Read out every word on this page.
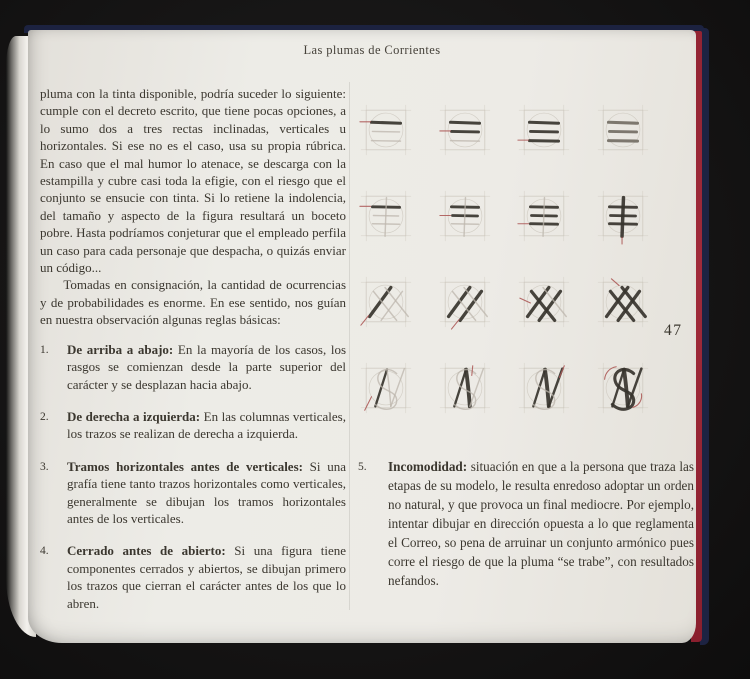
Las plumas de Corrientes

pluma con la tinta disponible, podría suceder lo siguiente: cumple con el decreto escrito, que tiene pocas opciones, a lo sumo dos a tres rectas inclinadas, verticales u horizontales. Si ese no es el caso, usa su propia rúbrica. En caso que el mal humor lo atenace, se descarga con la estampilla y cubre casi toda la efigie, con el riesgo que el conjunto se ensucie con tinta. Si lo retiene la indolencia, del tamaño y aspecto de la figura resultará un boceto pobre. Hasta podríamos conjeturar que el empleado perfila un caso para cada personaje que despacha, o quizás enviar un código...

Tomadas en consignación, la cantidad de ocurrencias y de probabilidades es enorme. En ese sentido, nos guían en nuestra observación algunas reglas básicas:

1.	De arriba a abajo: En la mayoría de los casos, los rasgos se comienzan desde la parte superior del carácter y se desplazan hacia abajo.
2.	De derecha a izquierda: En las columnas verticales, los trazos se realizan de derecha a izquierda.
3.	Tramos horizontales antes de verticales: Si una grafía tiene tanto trazos horizontales como verticales, generalmente se dibujan los tramos horizontales antes de los verticales.
4.	Cerrado antes de abierto: Si una figura tiene componentes cerrados y abiertos, se dibujan primero los trazos que cierran el carácter antes de los que lo abren.
47
5.	Incomodidad: situación en que a la persona que traza las etapas de su modelo, le resulta enredoso adoptar un orden no natural, y que provoca un final mediocre. Por ejemplo, intentar dibujar en dirección opuesta a lo que reglamenta el Correo, so pena de arruinar un conjunto armónico pues corre el riesgo de que la pluma “se trabe”, con resultados nefandos.
